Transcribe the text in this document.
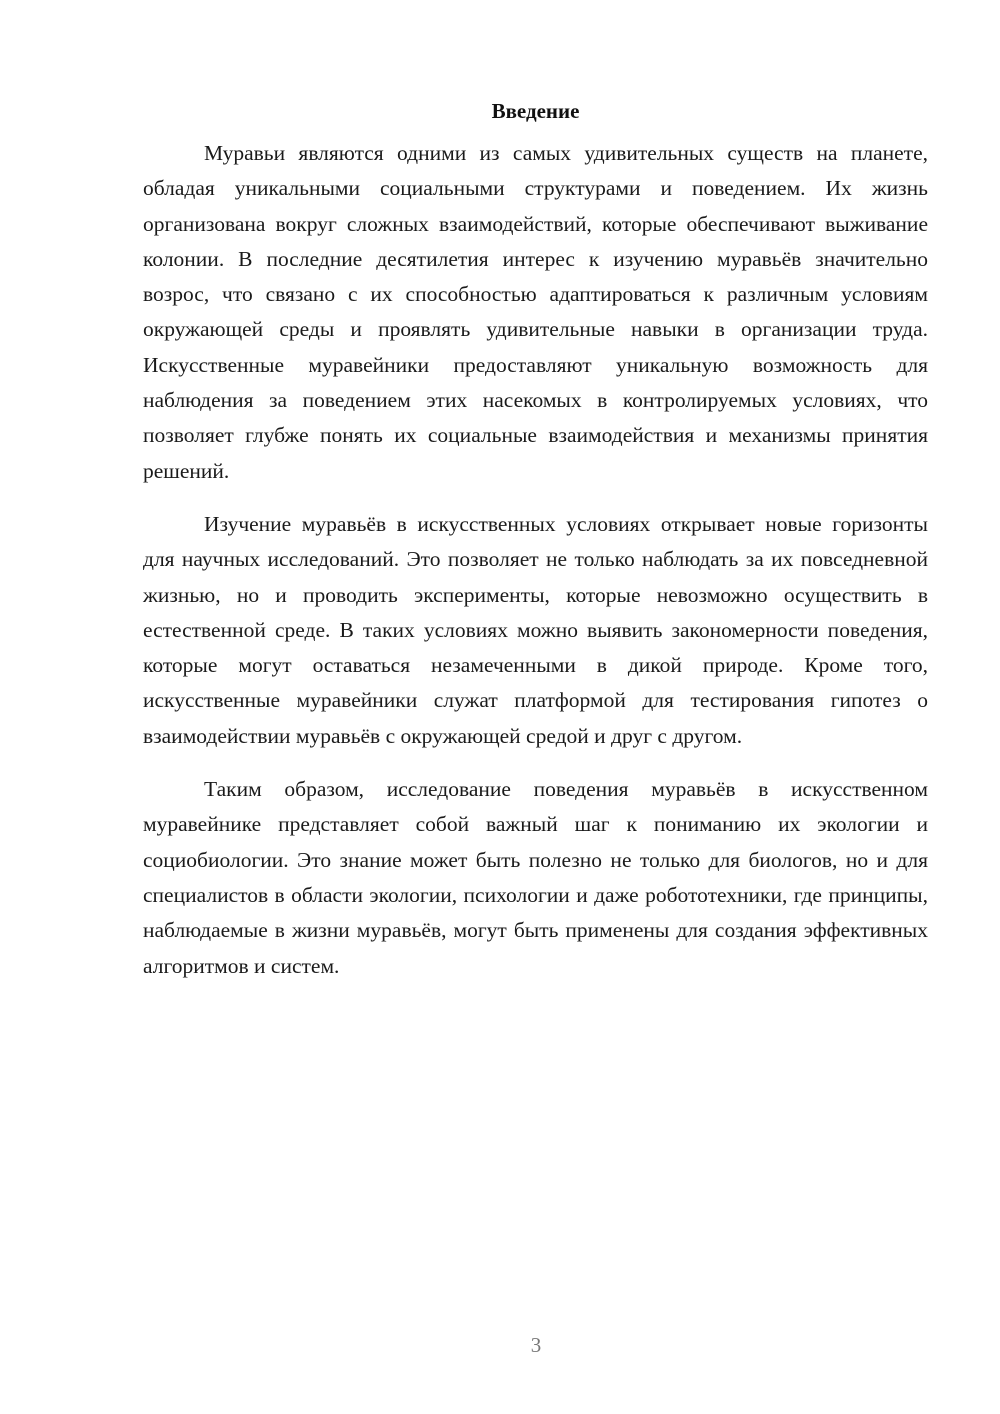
Введение

Муравьи являются одними из самых удивительных существ на планете, обладая уникальными социальными структурами и поведением. Их жизнь организована вокруг сложных взаимодействий, которые обеспечивают выживание колонии. В последние десятилетия интерес к изучению муравьёв значительно возрос, что связано с их способностью адаптироваться к различным условиям окружающей среды и проявлять удивительные навыки в организации труда. Искусственные муравейники предоставляют уникальную возможность для наблюдения за поведением этих насекомых в контролируемых условиях, что позволяет глубже понять их социальные взаимодействия и механизмы принятия решений.

Изучение муравьёв в искусственных условиях открывает новые горизонты для научных исследований. Это позволяет не только наблюдать за их повседневной жизнью, но и проводить эксперименты, которые невозможно осуществить в естественной среде. В таких условиях можно выявить закономерности поведения, которые могут оставаться незамеченными в дикой природе. Кроме того, искусственные муравейники служат платформой для тестирования гипотез о взаимодействии муравьёв с окружающей средой и друг с другом.

Таким образом, исследование поведения муравьёв в искусственном муравейнике представляет собой важный шаг к пониманию их экологии и социобиологии. Это знание может быть полезно не только для биологов, но и для специалистов в области экологии, психологии и даже робототехники, где принципы, наблюдаемые в жизни муравьёв, могут быть применены для создания эффективных алгоритмов и систем.

3
